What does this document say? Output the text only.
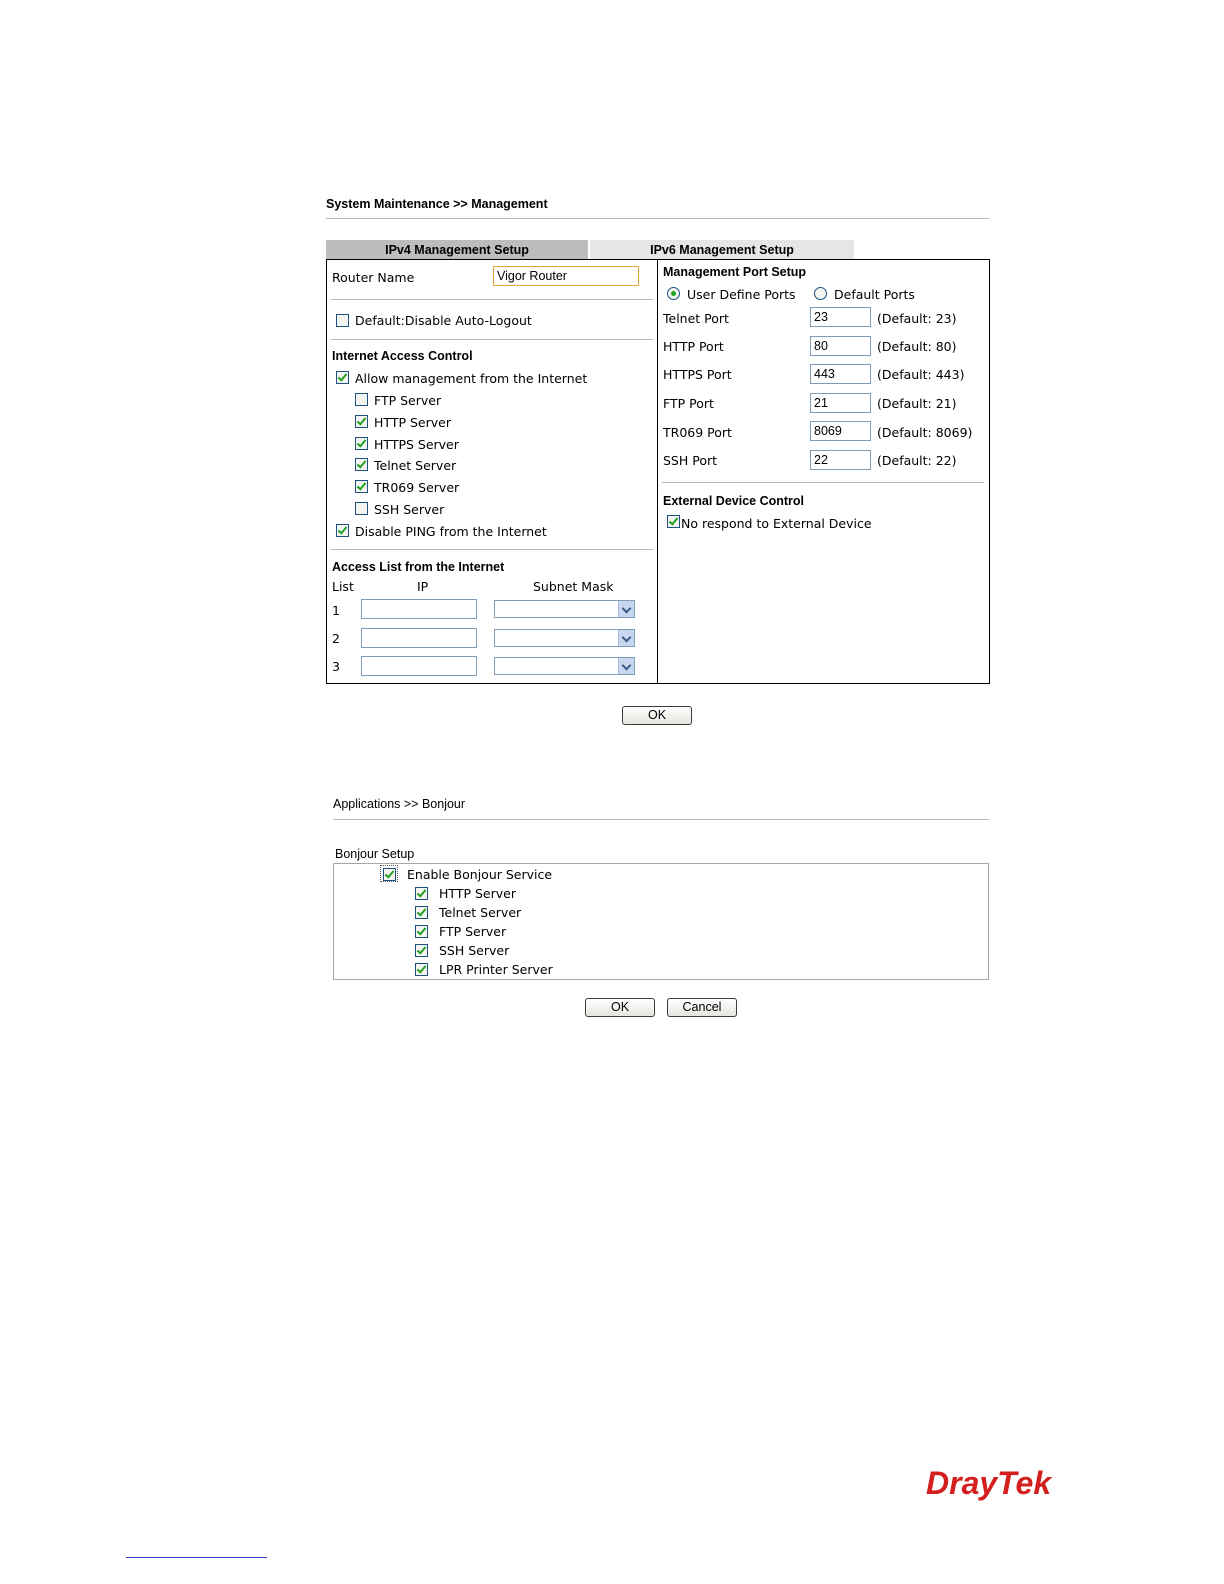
System Maintenance >> Management
IPv4 Management Setup	IPv6 Management Setup
Router Name	Vigor Router
Default:Disable Auto-Logout
Internet Access Control
Allow management from the Internet
FTP Server
HTTP Server
HTTPS Server
Telnet Server
TR069 Server
SSH Server
Disable PING from the Internet
Access List from the Internet
List	IP	Subnet Mask
1
2
3
Management Port Setup
User Define Ports	Default Ports
Telnet Port	23	(Default: 23)
HTTP Port	80	(Default: 80)
HTTPS Port	443	(Default: 443)
FTP Port	21	(Default: 21)
TR069 Port	8069	(Default: 8069)
SSH Port	22	(Default: 22)
External Device Control
No respond to External Device
OK
Applications >> Bonjour
Bonjour Setup
Enable Bonjour Service
HTTP Server
Telnet Server
FTP Server
SSH Server
LPR Printer Server
OK	Cancel
DrayTek
